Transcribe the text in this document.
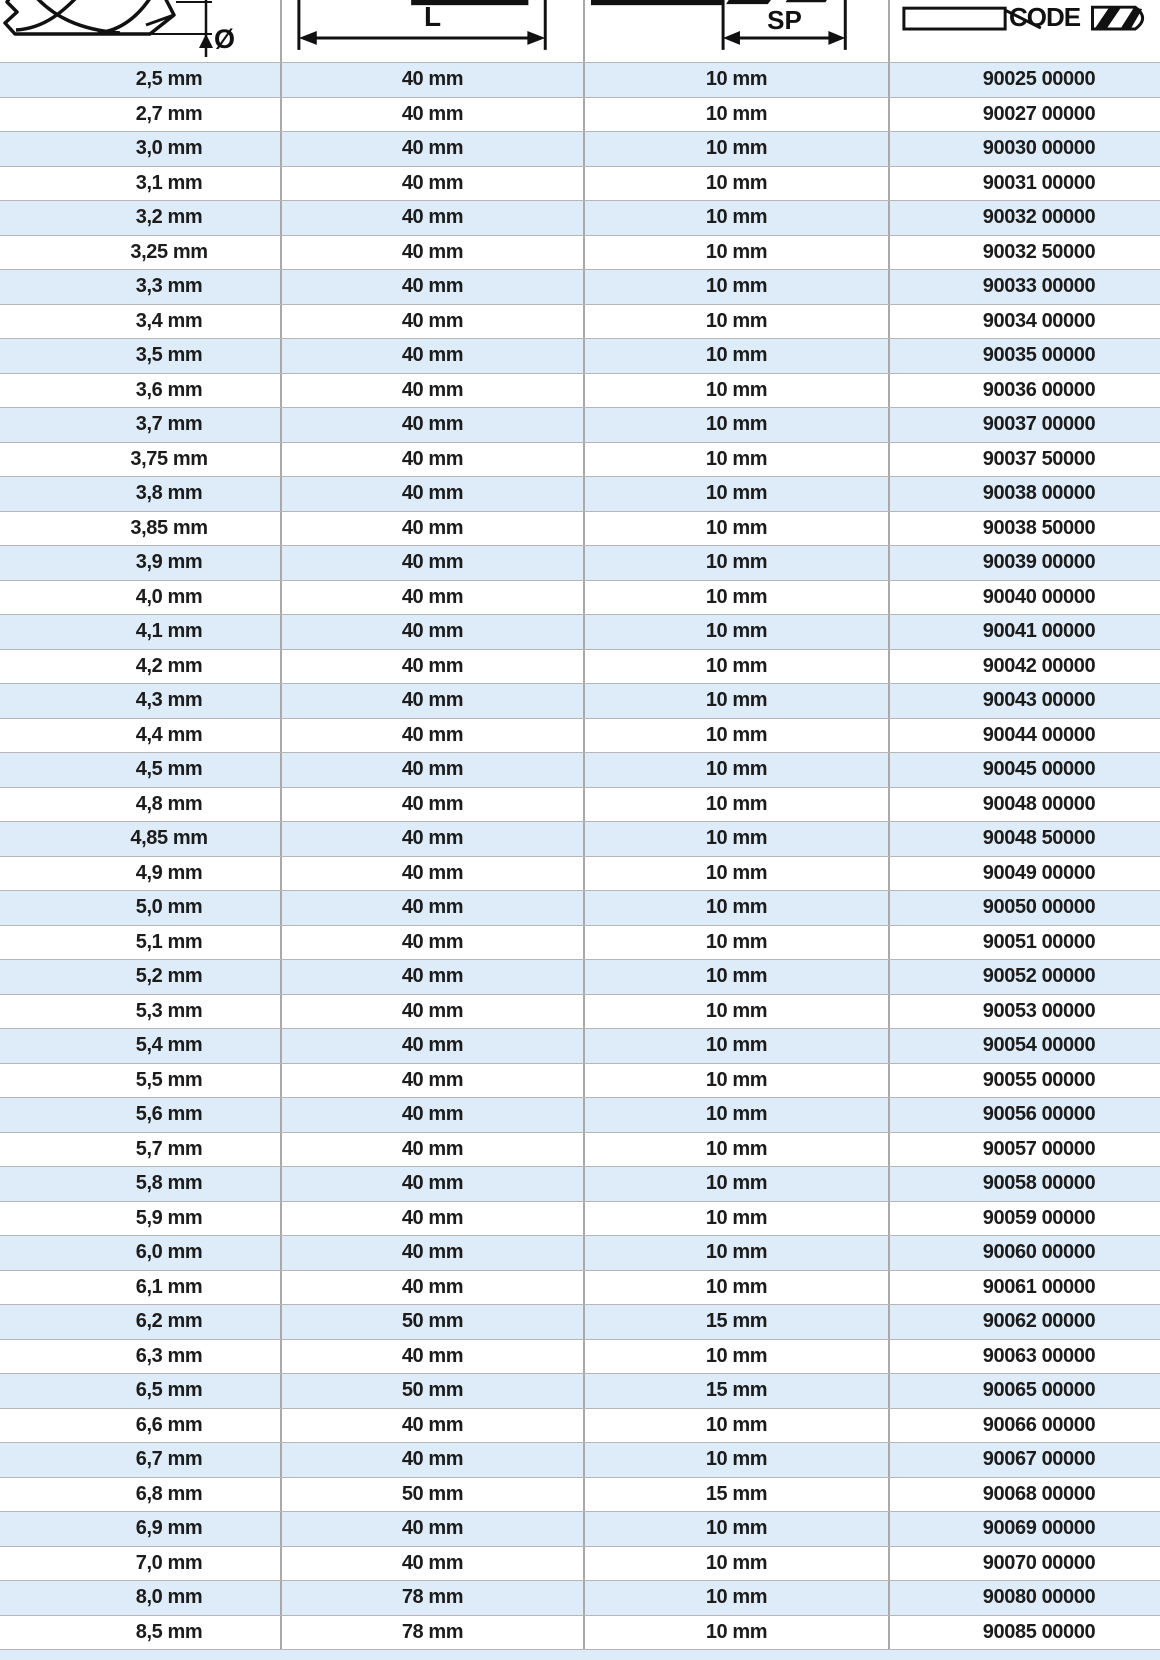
Ø
L	SP	CODE
2,5 mm	40 mm	10 mm	90025 00000
2,7 mm	40 mm	10 mm	90027 00000
3,0 mm	40 mm	10 mm	90030 00000
3,1 mm	40 mm	10 mm	90031 00000
3,2 mm	40 mm	10 mm	90032 00000
3,25 mm	40 mm	10 mm	90032 50000
3,3 mm	40 mm	10 mm	90033 00000
3,4 mm	40 mm	10 mm	90034 00000
3,5 mm	40 mm	10 mm	90035 00000
3,6 mm	40 mm	10 mm	90036 00000
3,7 mm	40 mm	10 mm	90037 00000
3,75 mm	40 mm	10 mm	90037 50000
3,8 mm	40 mm	10 mm	90038 00000
3,85 mm	40 mm	10 mm	90038 50000
3,9 mm	40 mm	10 mm	90039 00000
4,0 mm	40 mm	10 mm	90040 00000
4,1 mm	40 mm	10 mm	90041 00000
4,2 mm	40 mm	10 mm	90042 00000
4,3 mm	40 mm	10 mm	90043 00000
4,4 mm	40 mm	10 mm	90044 00000
4,5 mm	40 mm	10 mm	90045 00000
4,8 mm	40 mm	10 mm	90048 00000
4,85 mm	40 mm	10 mm	90048 50000
4,9 mm	40 mm	10 mm	90049 00000
5,0 mm	40 mm	10 mm	90050 00000
5,1 mm	40 mm	10 mm	90051 00000
5,2 mm	40 mm	10 mm	90052 00000
5,3 mm	40 mm	10 mm	90053 00000
5,4 mm	40 mm	10 mm	90054 00000
5,5 mm	40 mm	10 mm	90055 00000
5,6 mm	40 mm	10 mm	90056 00000
5,7 mm	40 mm	10 mm	90057 00000
5,8 mm	40 mm	10 mm	90058 00000
5,9 mm	40 mm	10 mm	90059 00000
6,0 mm	40 mm	10 mm	90060 00000
6,1 mm	40 mm	10 mm	90061 00000
6,2 mm	50 mm	15 mm	90062 00000
6,3 mm	40 mm	10 mm	90063 00000
6,5 mm	50 mm	15 mm	90065 00000
6,6 mm	40 mm	10 mm	90066 00000
6,7 mm	40 mm	10 mm	90067 00000
6,8 mm	50 mm	15 mm	90068 00000
6,9 mm	40 mm	10 mm	90069 00000
7,0 mm	40 mm	10 mm	90070 00000
8,0 mm	78 mm	10 mm	90080 00000
8,5 mm	78 mm	10 mm	90085 00000
